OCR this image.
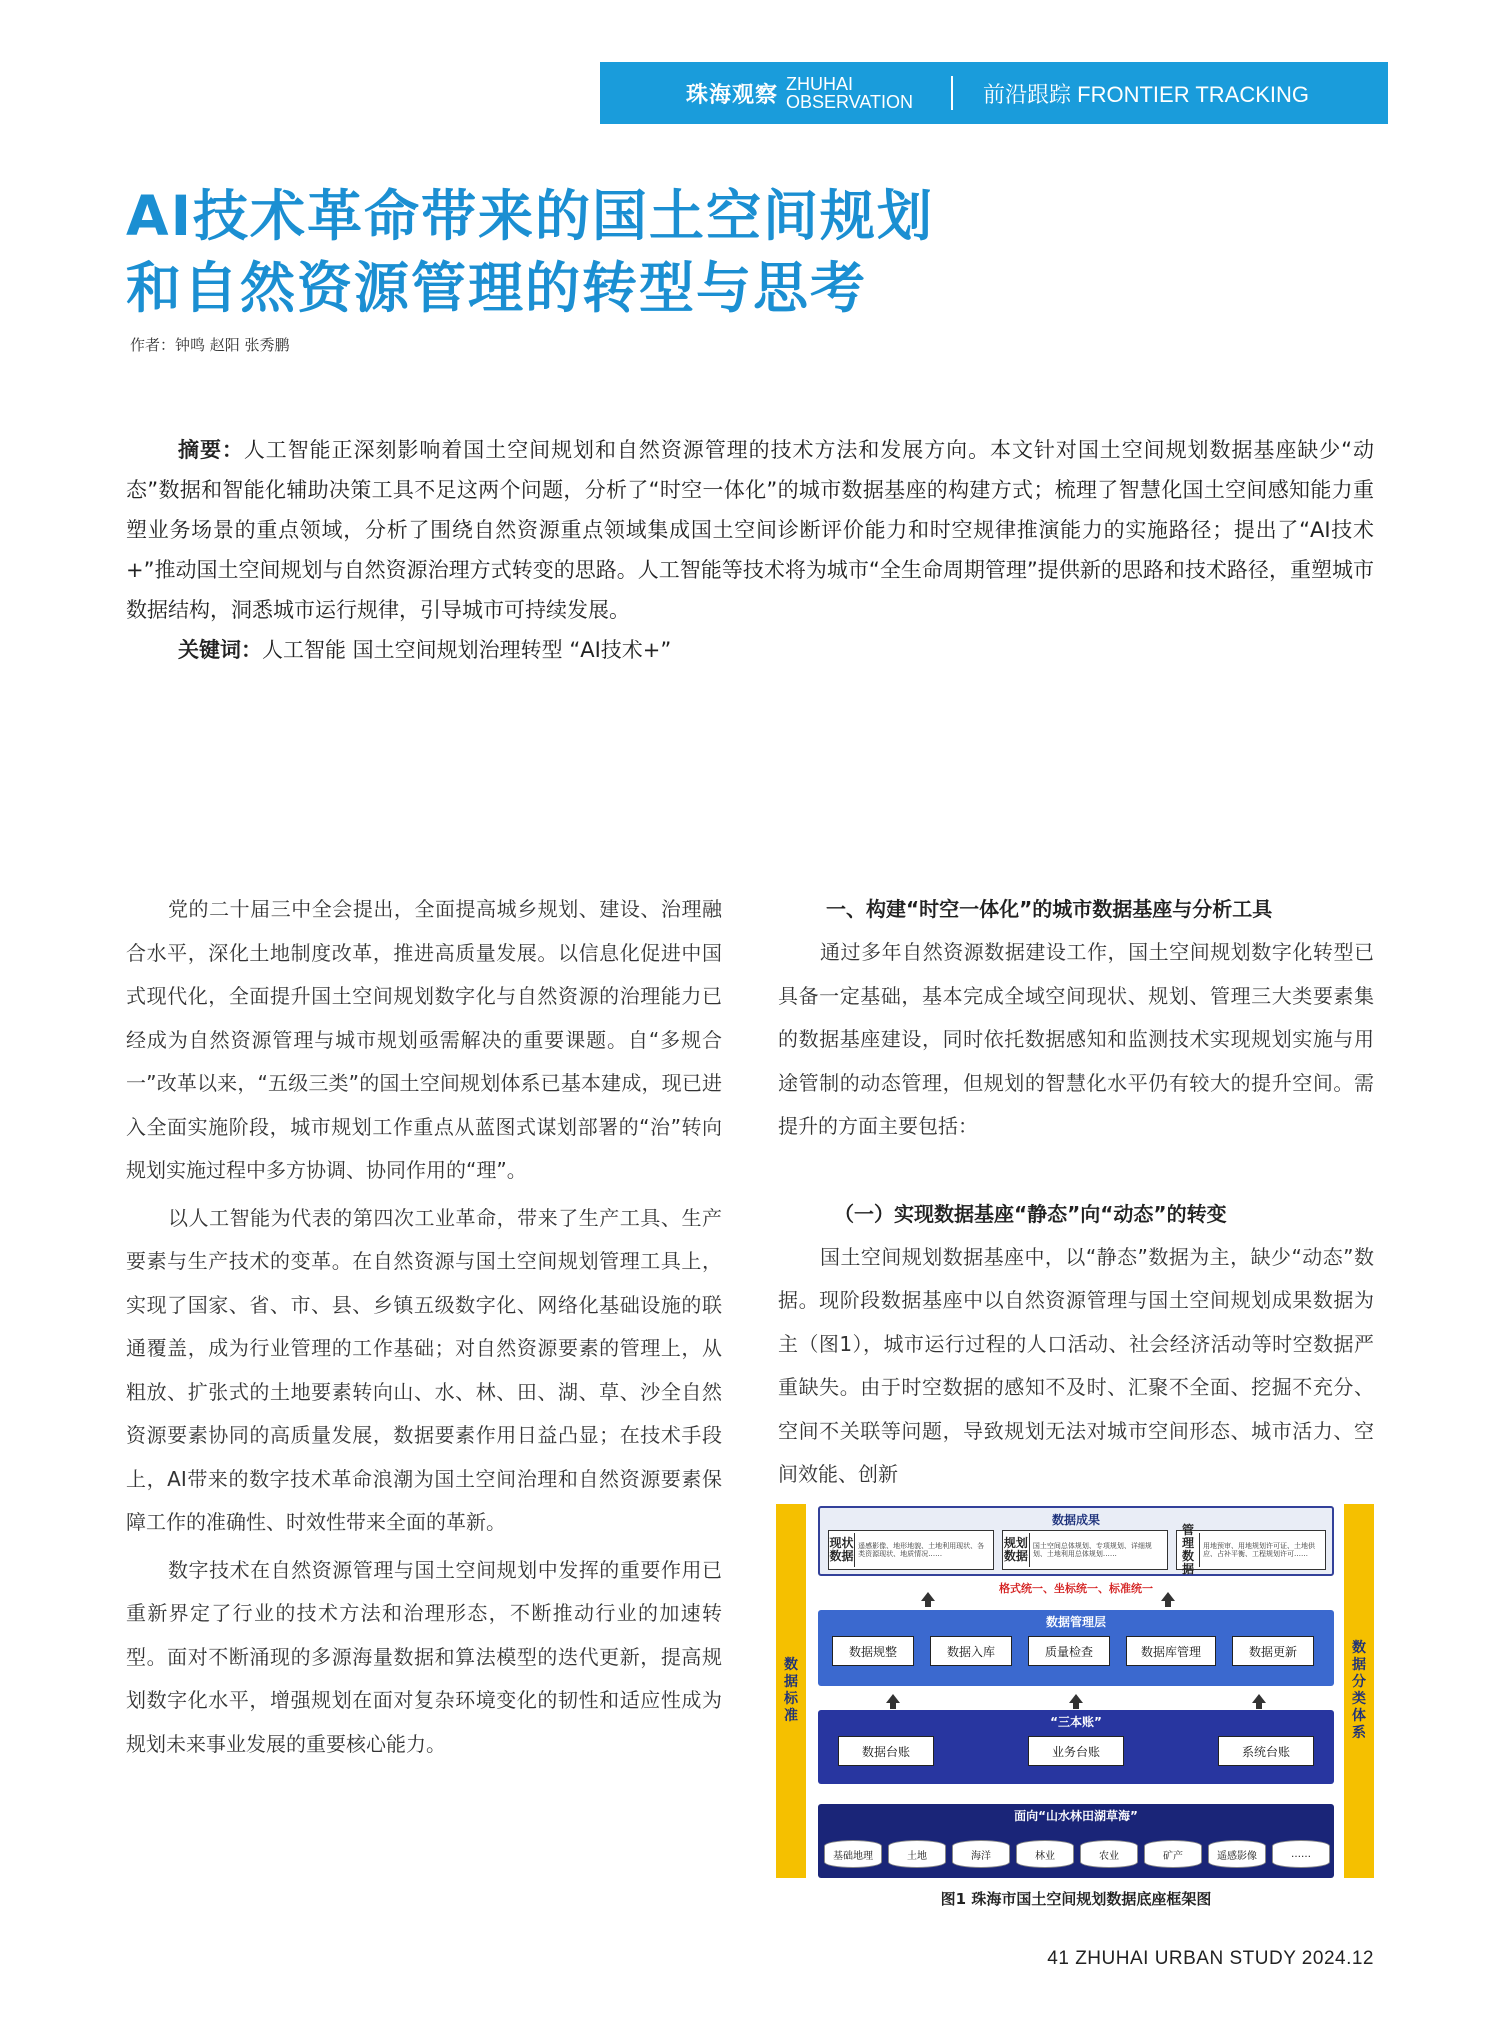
珠海观察 ZHUHAI
OBSERVATION	前沿跟踪 FRONTIER TRACKING
AI技术革命带来的国土空间规划
和自然资源管理的转型与思考
作者：钟鸣 赵阳 张秀鹏

摘要：人工智能正深刻影响着国土空间规划和自然资源管理的技术方法和发展方向。本文针对国土空间规划数据基座缺少“动态”数据和智能化辅助决策工具不足这两个问题，分析了“时空一体化”的城市数据基座的构建方式；梳理了智慧化国土空间感知能力重塑业务场景的重点领域，分析了围绕自然资源重点领域集成国土空间诊断评价能力和时空规律推演能力的实施路径；提出了“AI技术+”推动国土空间规划与自然资源治理方式转变的思路。人工智能等技术将为城市“全生命周期管理”提供新的思路和技术路径，重塑城市数据结构，洞悉城市运行规律，引导城市可持续发展。

关键词：人工智能 国土空间规划治理转型 “AI技术+”

党的二十届三中全会提出，全面提高城乡规划、建设、治理融合水平，深化土地制度改革，推进高质量发展。以信息化促进中国式现代化，全面提升国土空间规划数字化与自然资源的治理能力已经成为自然资源管理与城市规划亟需解决的重要课题。自“多规合一”改革以来，“五级三类”的国土空间规划体系已基本建成，现已进入全面实施阶段，城市规划工作重点从蓝图式谋划部署的“治”转向规划实施过程中多方协调、协同作用的“理”。

以人工智能为代表的第四次工业革命，带来了生产工具、生产要素与生产技术的变革。在自然资源与国土空间规划管理工具上，实现了国家、省、市、县、乡镇五级数字化、网络化基础设施的联通覆盖，成为行业管理的工作基础；对自然资源要素的管理上，从粗放、扩张式的土地要素转向山、水、林、田、湖、草、沙全自然资源要素协同的高质量发展，数据要素作用日益凸显；在技术手段上，AI带来的数字技术革命浪潮为国土空间治理和自然资源要素保障工作的准确性、时效性带来全面的革新。

数字技术在自然资源管理与国土空间规划中发挥的重要作用已重新界定了行业的技术方法和治理形态，不断推动行业的加速转型。面对不断涌现的多源海量数据和算法模型的迭代更新，提高规划数字化水平，增强规划在面对复杂环境变化的韧性和适应性成为规划未来事业发展的重要核心能力。

一、构建“时空一体化”的城市数据基座与分析工具

通过多年自然资源数据建设工作，国土空间规划数字化转型已具备一定基础，基本完成全域空间现状、规划、管理三大类要素集的数据基座建设，同时依托数据感知和监测技术实现规划实施与用途管制的动态管理，但规划的智慧化水平仍有较大的提升空间。需提升的方面主要包括：

（一）实现数据基座“静态”向“动态”的转变

国土空间规划数据基座中，以“静态”数据为主，缺少“动态”数据。现阶段数据基座中以自然资源管理与国土空间规划成果数据为主（图1），城市运行过程的人口活动、社会经济活动等时空数据严重缺失。由于时空数据的感知不及时、汇聚不全面、挖掘不充分、空间不关联等问题，导致规划无法对城市空间形态、城市活力、空间效能、创新

数据标准
数据分类体系
数据成果
现状数据
遥感影像、地形地貌、土地利用现状、各类资源现状、地质情况……
规划数据
国土空间总体规划、专项规划、详细规划、土地利用总体规划……
管理数据
用地预审、用地规划许可证、土地供应、占补平衡、工程规划许可……
格式统一、坐标统一、标准统一
数据管理层
数据规整	数据入库	质量检查	数据库管理	数据更新
“三本账”
数据台账	业务台账	系统台账
面向“山水林田湖草海”
基础地理	土地	海洋	林业	农业	矿产	遥感影像	……
图1 珠海市国土空间规划数据底座框架图
41 ZHUHAI URBAN STUDY 2024.12
